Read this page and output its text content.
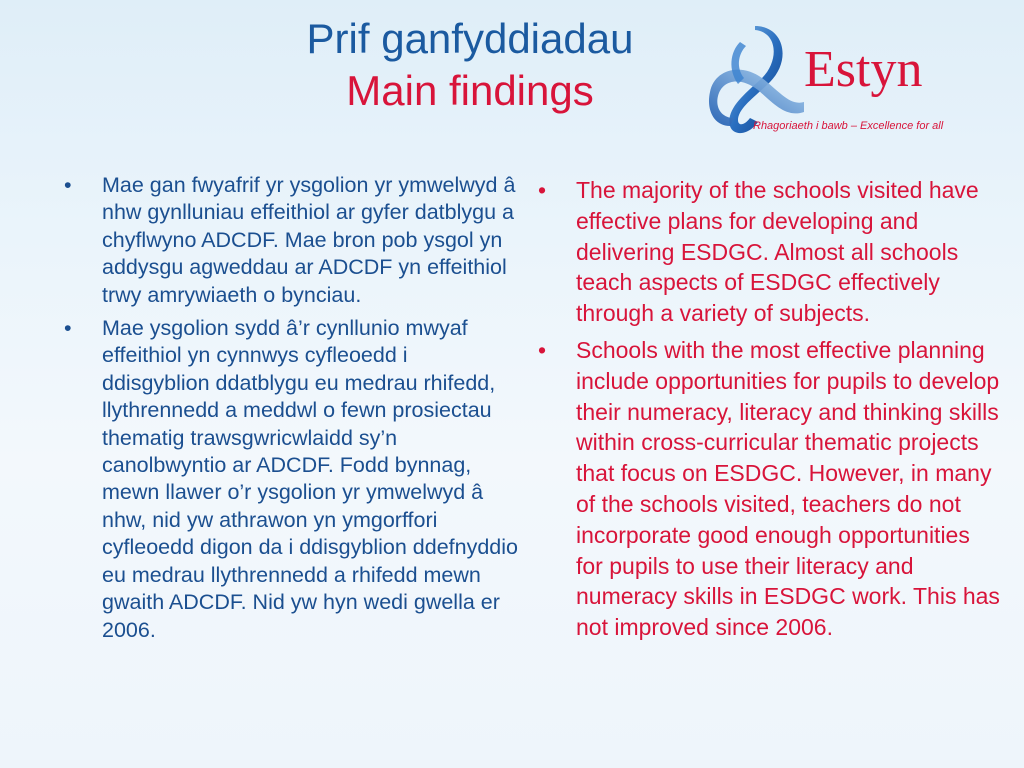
Prif ganfyddiadau
Main findings	Estyn
Rhagoriaeth i bawb – Excellence for all
• Mae gan fwyafrif yr ysgolion yr ymwelwyd â nhw gynlluniau effeithiol ar gyfer datblygu a chyflwyno ADCDF. Mae bron pob ysgol yn addysgu agweddau ar ADCDF yn effeithiol trwy amrywiaeth o bynciau.
• Mae ysgolion sydd â’r cynllunio mwyaf effeithiol yn cynnwys cyfleoedd i ddisgyblion ddatblygu eu medrau rhifedd, llythrennedd a meddwl o fewn prosiectau thematig trawsgwricwlaidd sy’n canolbwyntio ar ADCDF. Fodd bynnag, mewn llawer o’r ysgolion yr ymwelwyd â nhw, nid yw athrawon yn ymgorffori cyfleoedd digon da i ddisgyblion ddefnyddio eu medrau llythrennedd a rhifedd mewn gwaith ADCDF. Nid yw hyn wedi gwella er 2006.
• The majority of the schools visited have effective plans for developing and delivering ESDGC. Almost all schools teach aspects of ESDGC effectively through a variety of subjects.
• Schools with the most effective planning include opportunities for pupils to develop their numeracy, literacy and thinking skills within cross-curricular thematic projects that focus on ESDGC. However, in many of the schools visited, teachers do not incorporate good enough opportunities for pupils to use their literacy and numeracy skills in ESDGC work. This has not improved since 2006.
